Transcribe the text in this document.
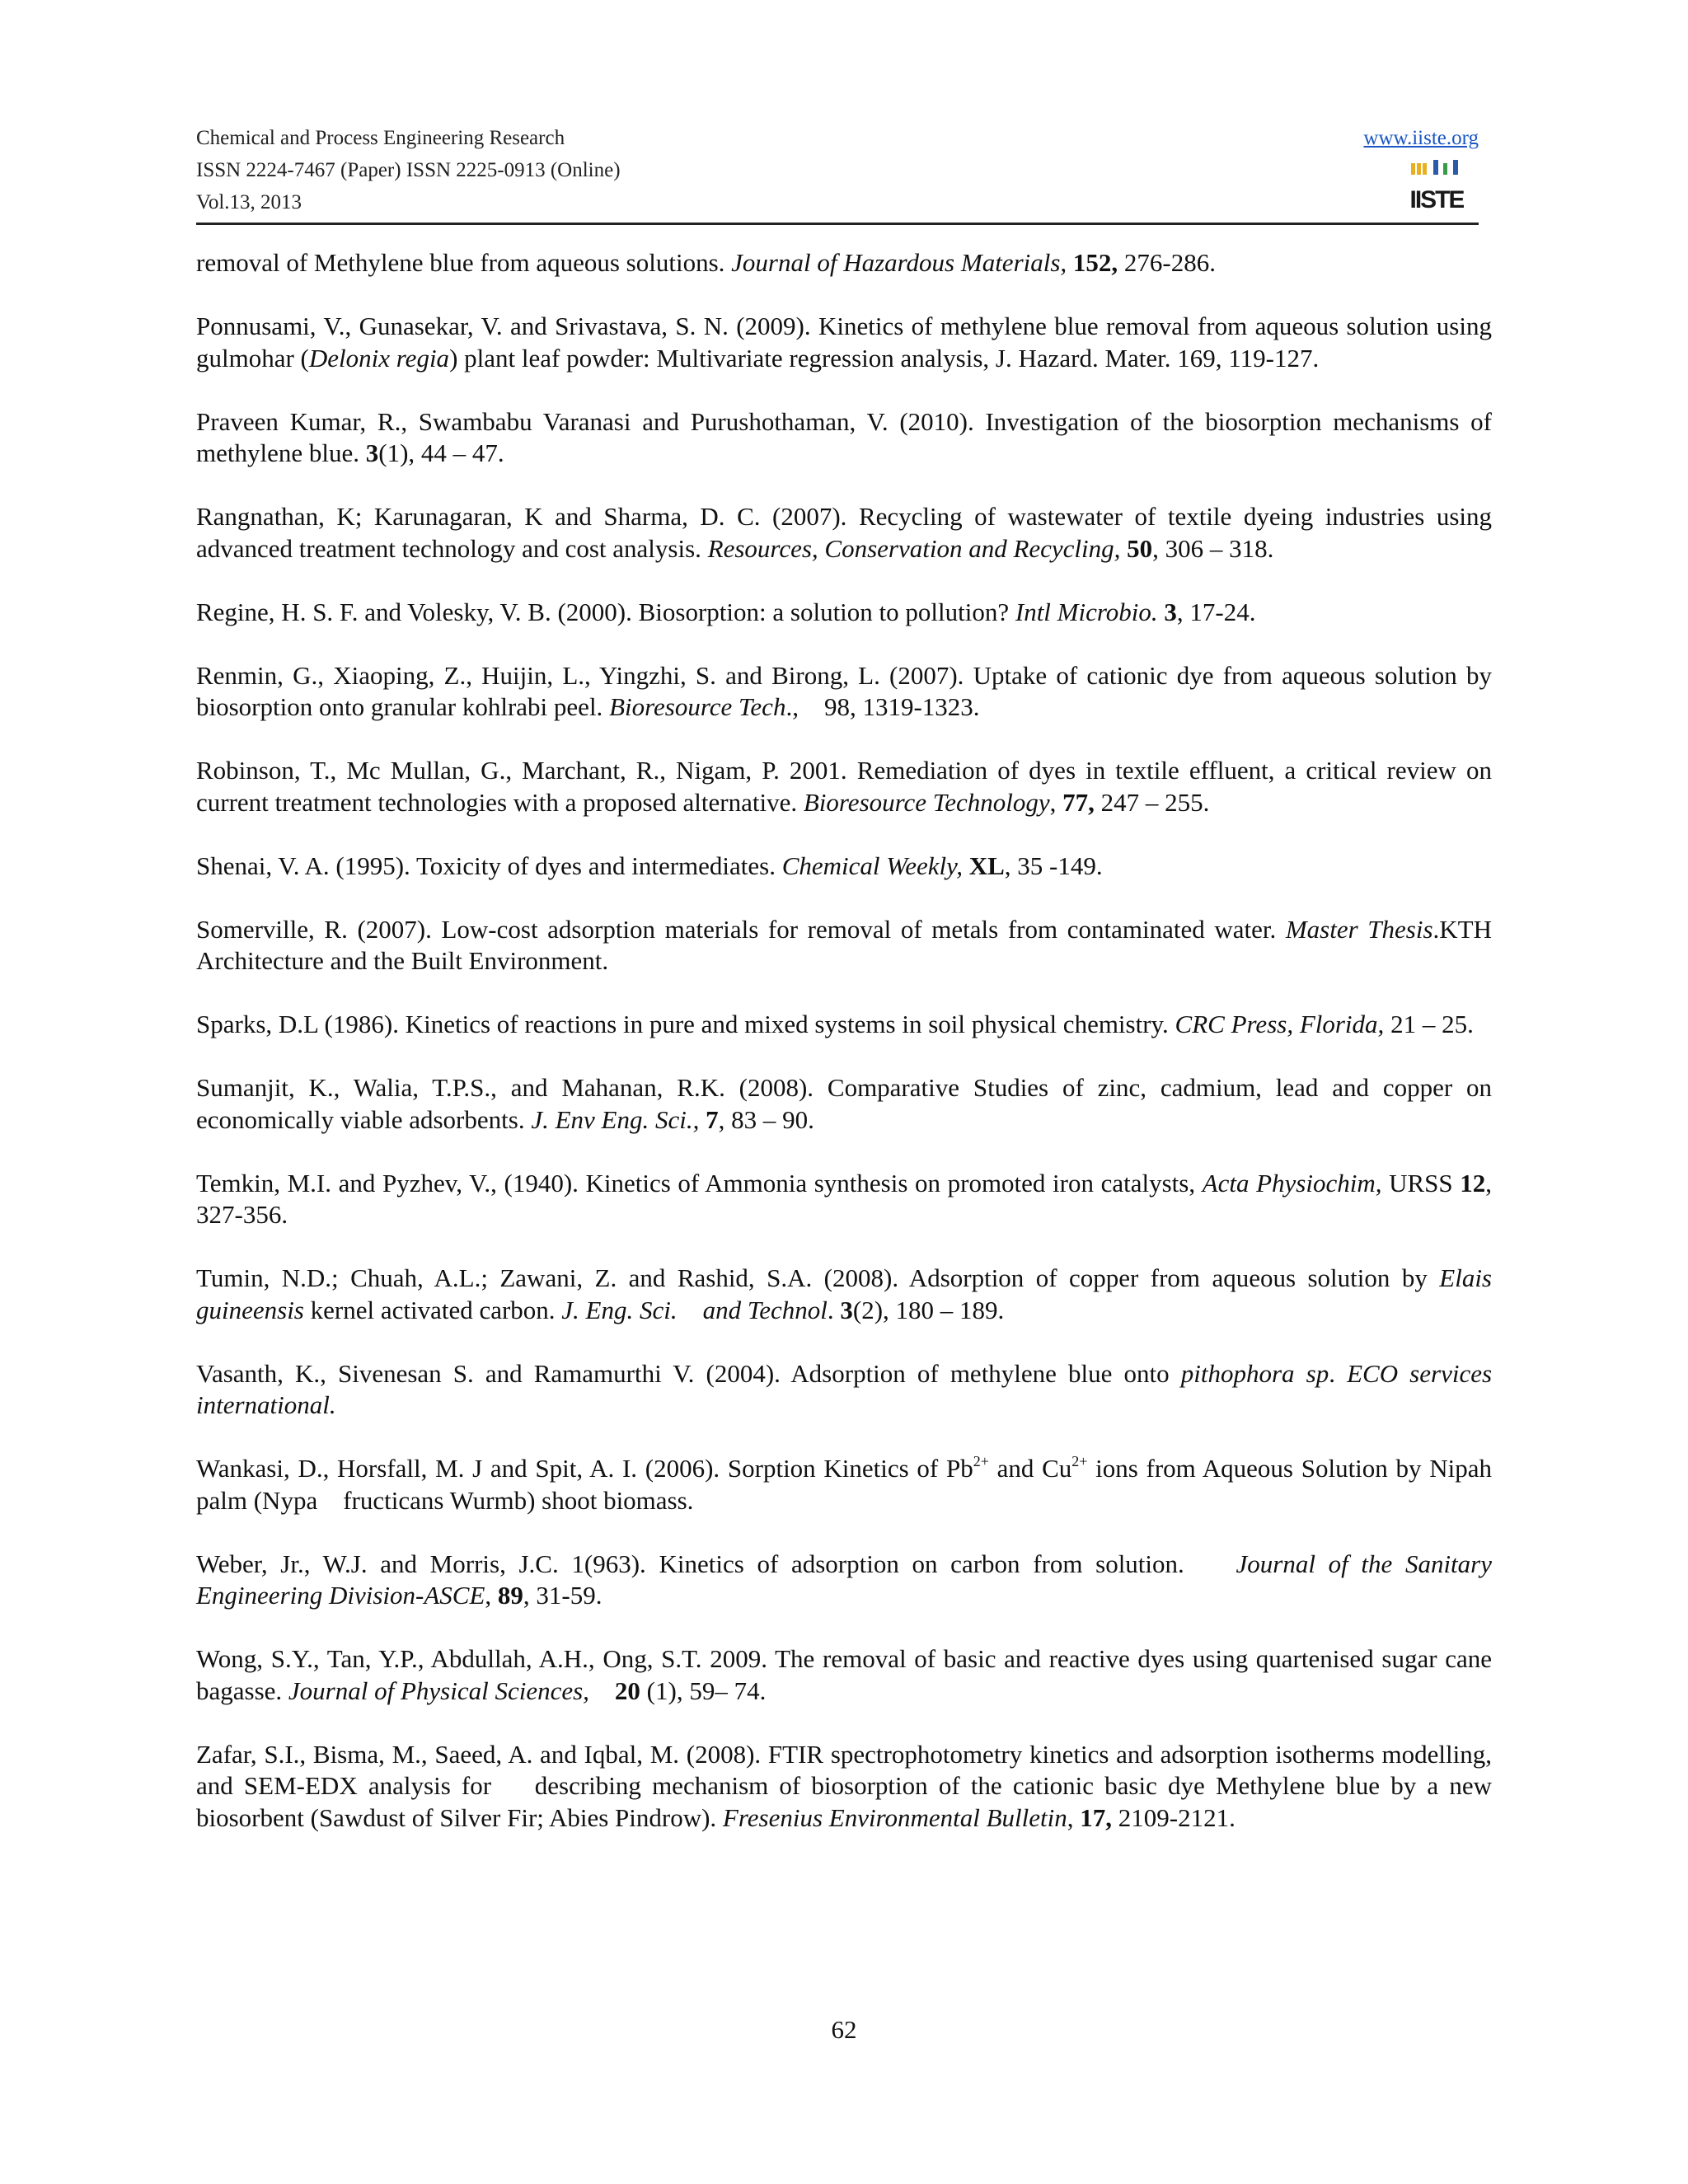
Chemical and Process Engineering Research
ISSN 2224-7467 (Paper) ISSN 2225-0913 (Online)
Vol.13, 2013
www.iiste.org
IISTE

removal of Methylene blue from aqueous solutions. Journal of Hazardous Materials, 152, 276-286.

Ponnusami, V., Gunasekar, V. and Srivastava, S. N. (2009). Kinetics of methylene blue removal from aqueous solution using gulmohar (Delonix regia) plant leaf powder: Multivariate regression analysis, J. Hazard. Mater. 169, 119-127.

Praveen Kumar, R., Swambabu Varanasi and Purushothaman, V. (2010). Investigation of the biosorption mechanisms of methylene blue. 3(1), 44 – 47.

Rangnathan, K; Karunagaran, K and Sharma, D. C. (2007). Recycling of wastewater of textile dyeing industries using advanced treatment technology and cost analysis. Resources, Conservation and Recycling, 50, 306 – 318.

Regine, H. S. F. and Volesky, V. B. (2000). Biosorption: a solution to pollution? Intl Microbio. 3, 17-24.

Renmin, G., Xiaoping, Z., Huijin, L., Yingzhi, S. and Birong, L. (2007). Uptake of cationic dye from aqueous solution by biosorption onto granular kohlrabi peel. Bioresource Tech.,    98, 1319-1323.

Robinson, T., Mc Mullan, G., Marchant, R., Nigam, P. 2001. Remediation of dyes in textile effluent, a critical review on current treatment technologies with a proposed alternative. Bioresource Technology, 77, 247 – 255.

Shenai, V. A. (1995). Toxicity of dyes and intermediates. Chemical Weekly, XL, 35 -149.

Somerville, R. (2007). Low-cost adsorption materials for removal of metals from contaminated water. Master Thesis.KTH Architecture and the Built Environment.

Sparks, D.L (1986). Kinetics of reactions in pure and mixed systems in soil physical chemistry. CRC Press, Florida, 21 – 25.

Sumanjit, K., Walia, T.P.S., and Mahanan, R.K. (2008). Comparative Studies of zinc, cadmium, lead and copper on economically viable adsorbents. J. Env Eng. Sci., 7, 83 – 90.

Temkin, M.I. and Pyzhev, V., (1940). Kinetics of Ammonia synthesis on promoted iron catalysts, Acta Physiochim, URSS 12, 327-356.

Tumin, N.D.; Chuah, A.L.; Zawani, Z. and Rashid, S.A. (2008). Adsorption of copper from aqueous solution by Elais guineensis kernel activated carbon. J. Eng. Sci.    and Technol. 3(2), 180 – 189.

Vasanth, K., Sivenesan S. and Ramamurthi V. (2004). Adsorption of methylene blue onto pithophora sp. ECO services international.

Wankasi, D., Horsfall, M. J and Spit, A. I. (2006). Sorption Kinetics of $Pb^{2+}$ and $Cu^{2+}$ ions from Aqueous Solution by Nipah palm (Nypa    fructicans Wurmb) shoot biomass.

Weber, Jr., W.J. and Morris, J.C. 1(963). Kinetics of adsorption on carbon from solution.    Journal of the Sanitary Engineering Division-ASCE, 89, 31-59.

Wong, S.Y., Tan, Y.P., Abdullah, A.H., Ong, S.T. 2009. The removal of basic and reactive dyes using quartenised sugar cane bagasse. Journal of Physical Sciences, 20 (1), 59– 74.

Zafar, S.I., Bisma, M., Saeed, A. and Iqbal, M. (2008). FTIR spectrophotometry kinetics and adsorption isotherms modelling, and SEM-EDX analysis for    describing mechanism of biosorption of the cationic basic dye Methylene blue by a new biosorbent (Sawdust of Silver Fir; Abies Pindrow). Fresenius Environmental Bulletin, 17, 2109-2121.

62
